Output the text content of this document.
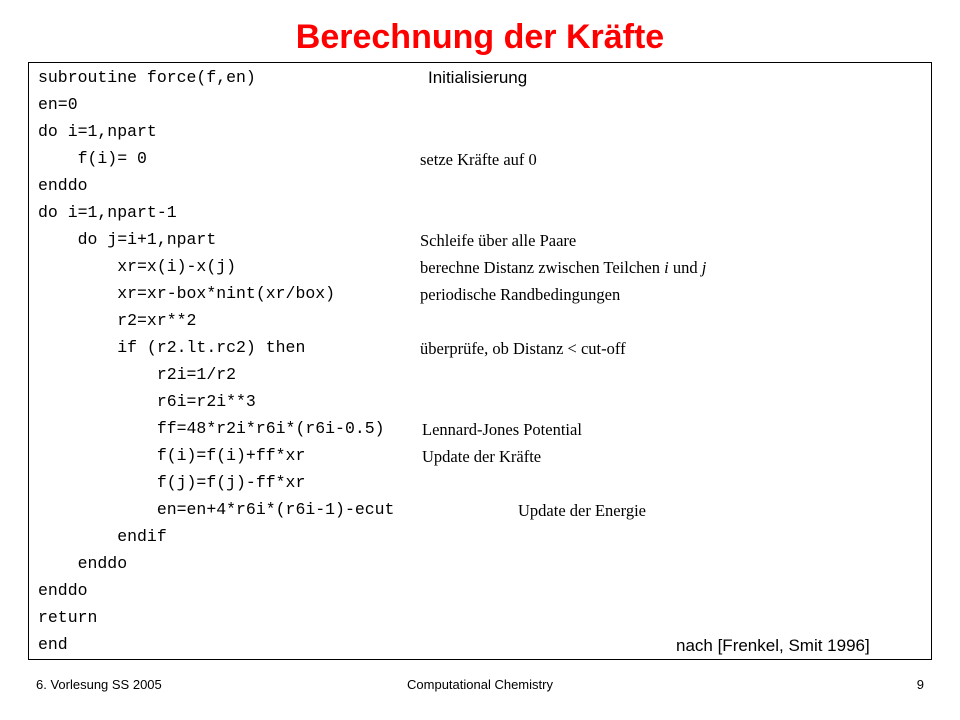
Berechnung der Kräfte
subroutine force(f,en)
en=0
do i=1,npart
f(i)= 0
enddo
do i=1,npart-1
do j=i+1,npart
xr=x(i)-x(j)
xr=xr-box*nint(xr/box)
r2=xr**2
if (r2.lt.rc2) then
r2i=1/r2
r6i=r2i**3
ff=48*r2i*r6i*(r6i-0.5)
f(i)=f(i)+ff*xr
f(j)=f(j)-ff*xr
en=en+4*r6i*(r6i-1)-ecut
endif
enddo
enddo
return
end
Initialisierung
setze Kräfte auf 0
Schleife über alle Paare
berechne Distanz zwischen Teilchen i und j
periodische Randbedingungen
überprüfe, ob Distanz < cut-off
Lennard-Jones Potential
Update der Kräfte
Update der Energie
nach [Frenkel, Smit 1996]
6. Vorlesung SS 2005	Computational Chemistry	9
